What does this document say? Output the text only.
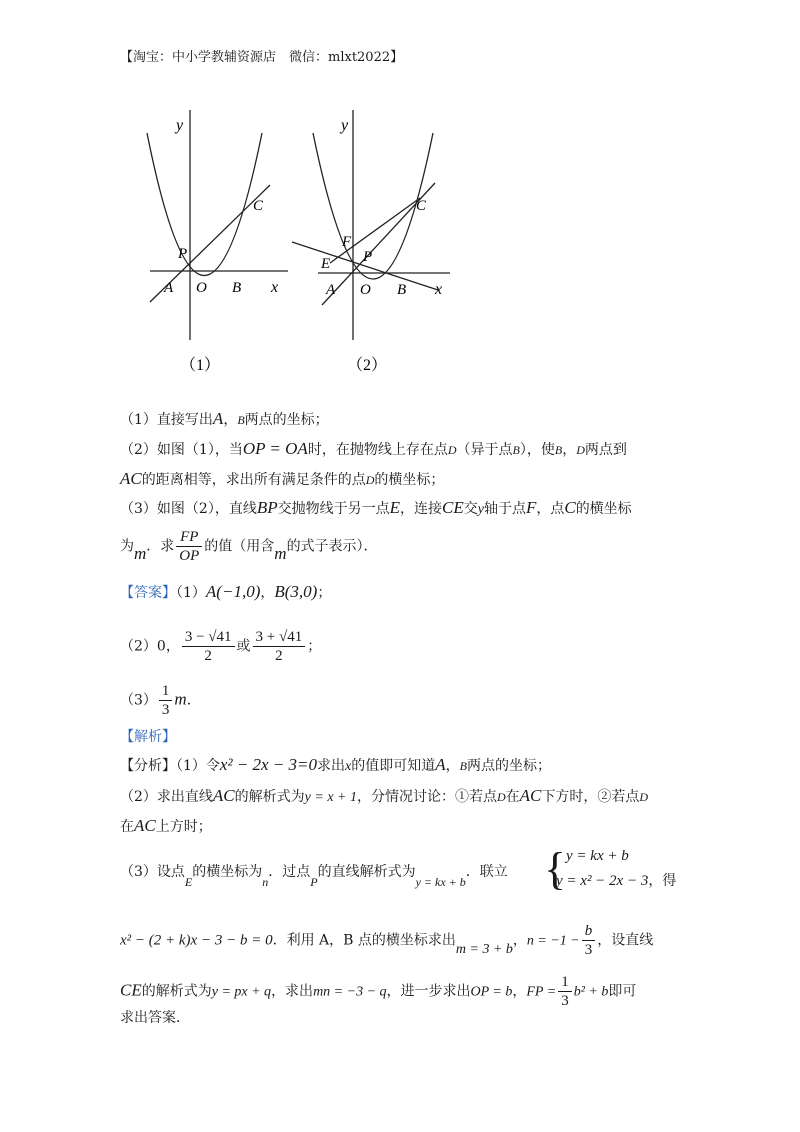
【淘宝：中小学教辅资源店　微信：mlxt2022】
y
x
A O B
P
C
（1）
y
x
A O B
P
C
E
F
（2）
（1）直接写出A，B两点的坐标；
（2）如图（1），当OP = OA时，在抛物线上存在点D（异于点B），使B，D两点到
AC的距离相等，求出所有满足条件的点D的横坐标；
（3）如图（2），直线BP交抛物线于另一点E，连接CE交y轴于点F，点C的横坐标
为m．求 $\frac{FP}{OP}$ 的值（用含m的式子表示）．
【答案】（1）A(−1,0)，B(3,0)；
（2）0， $\frac{3 - √41}{2}$ 或 $\frac{3 + √41}{2}$ ；
$(3) \frac{1}{3}$ m．
【解析】
【分析】（1）令x² − 2x − 3=0求出x的值即可知道A，B两点的坐标；
（2）求出直线AC的解析式为y = x + 1，分情况讨论：①若点D在AC下方时，②若点D
在AC上方时；
（3）设点E的横坐标为n．过点P的直线解析式为y = kx + b．联立 { y = kx + b
y = x² − 2x − 3，得
x² − (2 + k)x − 3 − b = 0．利用 A，B 点的横坐标求出m = 3 + b，$n = -1 - \frac{b}{3}$ ，设直线
CE的解析式为y = px + q，求出mn = −3 − q，进一步求出OP = b，FP = $\frac{1}{3} b^2 + b$即可
求出答案．
